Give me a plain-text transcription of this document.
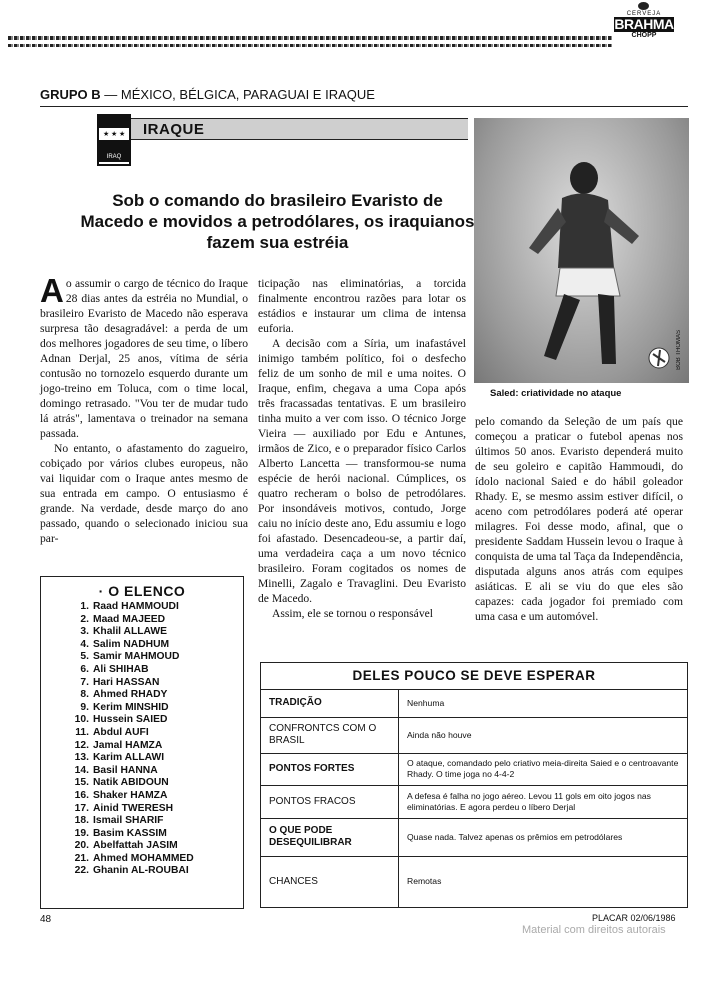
CERVEJA
BRAHMA
CHOPP
GRUPO B — MÉXICO, BÉLGICA, PARAGUAI E IRAQUE
★ ★ ★
IRAQ
IRAQUE
Sob o comando do brasileiro Evaristo de Macedo e movidos a petrodólares, os iraquianos fazem sua estréia
BOB THOMAS
Saled: criatividade no ataque

Ao assumir o cargo de técnico do Iraque 28 dias antes da estréia no Mundial, o brasileiro Evaristo de Macedo não esperava surpresa tão desagradável: a perda de um dos melhores jogadores de seu time, o líbero Adnan Derjal, 25 anos, vítima de séria contusão no tornozelo esquerdo durante um jogo-treino em Toluca, com o time local, domingo retrasado. "Vou ter de mudar tudo lá atrás", lamentava o treinador na semana passada.

No entanto, o afastamento do zagueiro, cobiçado por vários clubes europeus, não vai liquidar com o Iraque antes mesmo de sua entrada em campo. O entusiasmo é grande. Na verdade, desde março do ano passado, quando o selecionado iniciou sua par-

ticipação nas eliminatórias, a torcida finalmente encontrou razões para lotar os estádios e instaurar um clima de intensa euforia.

A decisão com a Síria, um inafastável inimigo também político, foi o desfecho feliz de um sonho de mil e uma noites. O Iraque, enfim, chegava a uma Copa após três fracassadas tentativas. E um brasileiro tinha muito a ver com isso. O técnico Jorge Vieira — auxiliado por Edu e Antunes, irmãos de Zico, e o preparador físico Carlos Alberto Lancetta — transformou-se numa espécie de herói nacional. Cúmplices, os quatro recheram o bolso de petrodólares. Por insondáveis motivos, contudo, Jorge caiu no início deste ano, Edu assumiu e logo foi afastado. Desencadeou-se, a partir daí, uma verdadeira caça a um novo técnico brasileiro. Foram cogitados os nomes de Minelli, Zagalo e Travaglini. Deu Evaristo de Macedo.

Assim, ele se tornou o responsável

pelo comando da Seleção de um país que começou a praticar o futebol apenas nos últimos 50 anos. Evaristo dependerá muito de seu goleiro e capitão Hammoudi, do ídolo nacional Saied e do hábil goleador Rhady. E, se mesmo assim estiver difícil, o aceno com petrodólares poderá até operar milagres. Foi desse modo, afinal, que o presidente Saddam Hussein levou o Iraque à conquista de uma tal Taça da Independência, disputada alguns anos atrás com equipes asiáticas. E ali se viu do que eles são capazes: cada jogador foi premiado com uma casa e um automóvel.

· O ELENCO
1. Raad HAMMOUDI
2. Maad MAJEED
3. Khalil ALLAWE
4. Salim NADHUM
5. Samir MAHMOUD
6. Ali SHIHAB
7. Hari HASSAN
8. Ahmed RHADY
9. Kerim MINSHID
10. Hussein SAIED
11. Abdul AUFI
12. Jamal HAMZA
13. Karim ALLAWI
14. Basil HANNA
15. Natik ABIDOUN
16. Shaker HAMZA
17. Ainid TWERESH
18. Ismail SHARIF
19. Basim KASSIM
20. Abelfattah JASIM
21. Ahmed MOHAMMED
22. Ghanin AL-ROUBAI
DELES POUCO SE DEVE ESPERAR
TRADIÇÃO	Nenhuma
CONFRONTCS COM O BRASIL	Ainda não houve
PONTOS FORTES	O ataque, comandado pelo criativo meia-direita Saied e o centroavante Rhady. O time joga no 4-4-2
PONTOS FRACOS	A defesa é falha no jogo aéreo. Levou 11 gols em oito jogos nas eliminatórias. E agora perdeu o líbero Derjal
O QUE PODE DESEQUILIBRAR	Quase nada. Talvez apenas os prêmios em petrodólares
CHANCES	Remotas
48	PLACAR 02/06/1986
Material com direitos autorais
